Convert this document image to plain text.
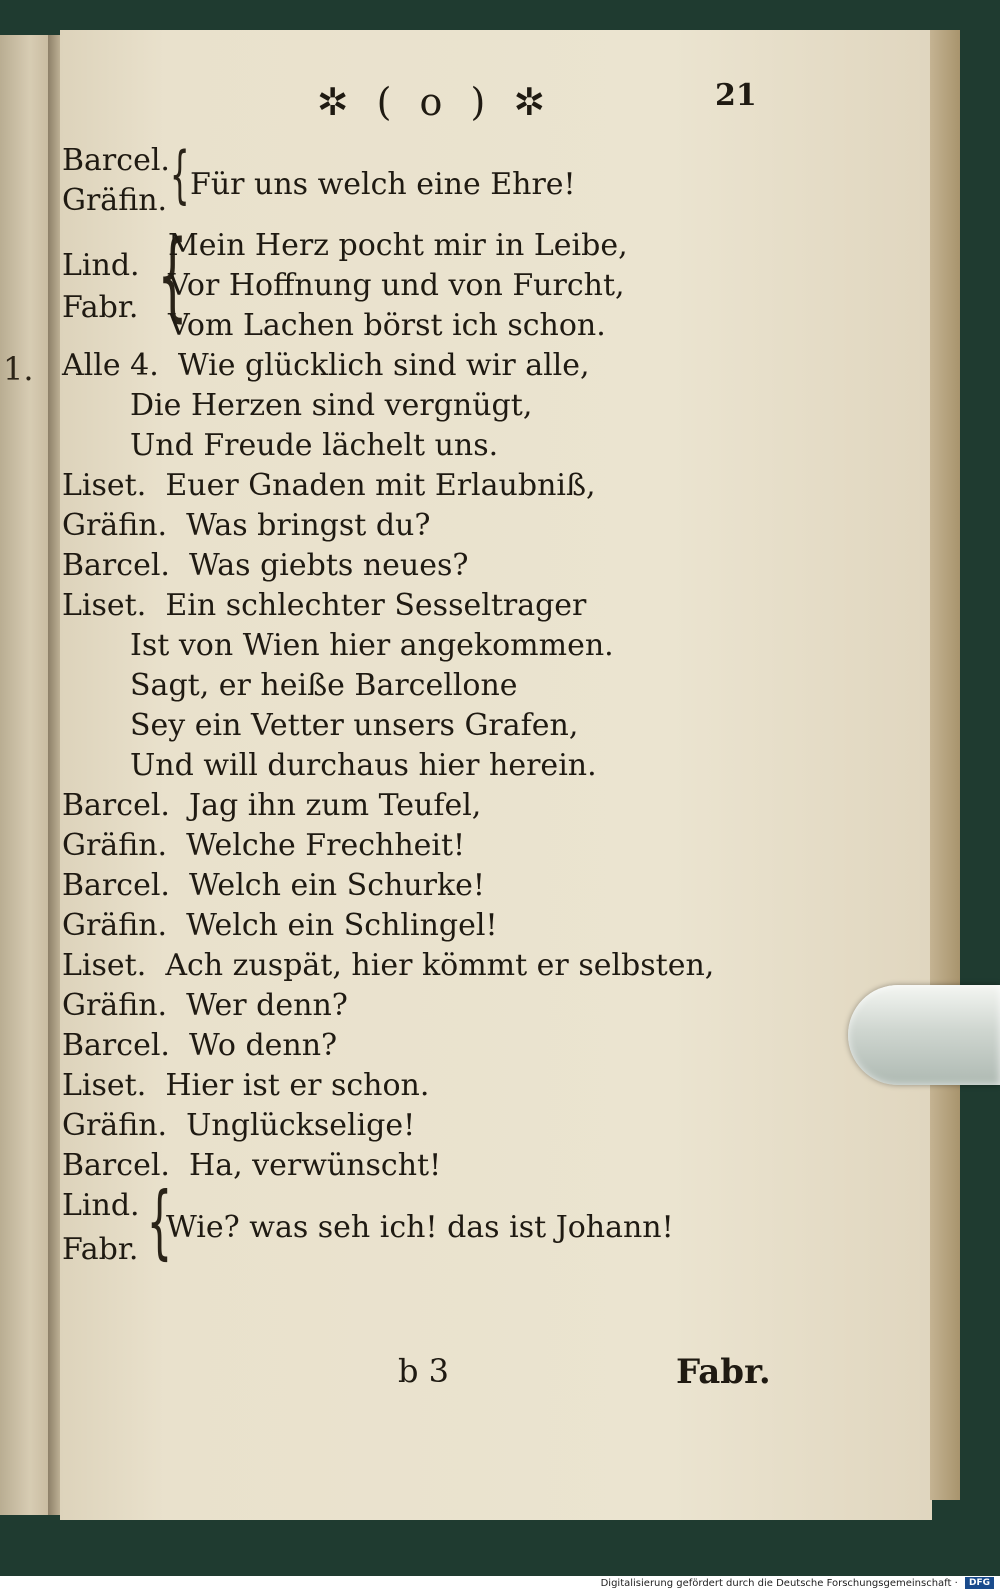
1.
✲ ( o ) ✲	21
Barcel.
Gräfin. { Für uns welch eine Ehre!
Lind.
Fabr. {
Mein Herz pocht mir in Leibe,
Vor Hoffnung und von Furcht,
Vom Lachen börst ich schon.
Alle 4. Wie glücklich sind wir alle,
Die Herzen sind vergnügt,
Und Freude lächelt uns.
Liset. Euer Gnaden mit Erlaubniß,
Gräfin. Was bringst du?
Barcel. Was giebts neues?
Liset. Ein schlechter Sesseltrager
Ist von Wien hier angekommen.
Sagt, er heiße Barcellone
Sey ein Vetter unsers Grafen,
Und will durchaus hier herein.
Barcel. Jag ihn zum Teufel,
Gräfin. Welche Frechheit!
Barcel. Welch ein Schurke!
Gräfin. Welch ein Schlingel!
Liset. Ach zuspät, hier kömmt er selbsten,
Gräfin. Wer denn?
Barcel. Wo denn?
Liset. Hier ist er schon.
Gräfin. Unglückselige!
Barcel. Ha, verwünscht!
Lind.
Fabr. {
Wie? was seh ich! das ist Johann!
b 3	Fabr.
Digitalisierung gefördert durch die Deutsche Forschungsgemeinschaft · DFG
